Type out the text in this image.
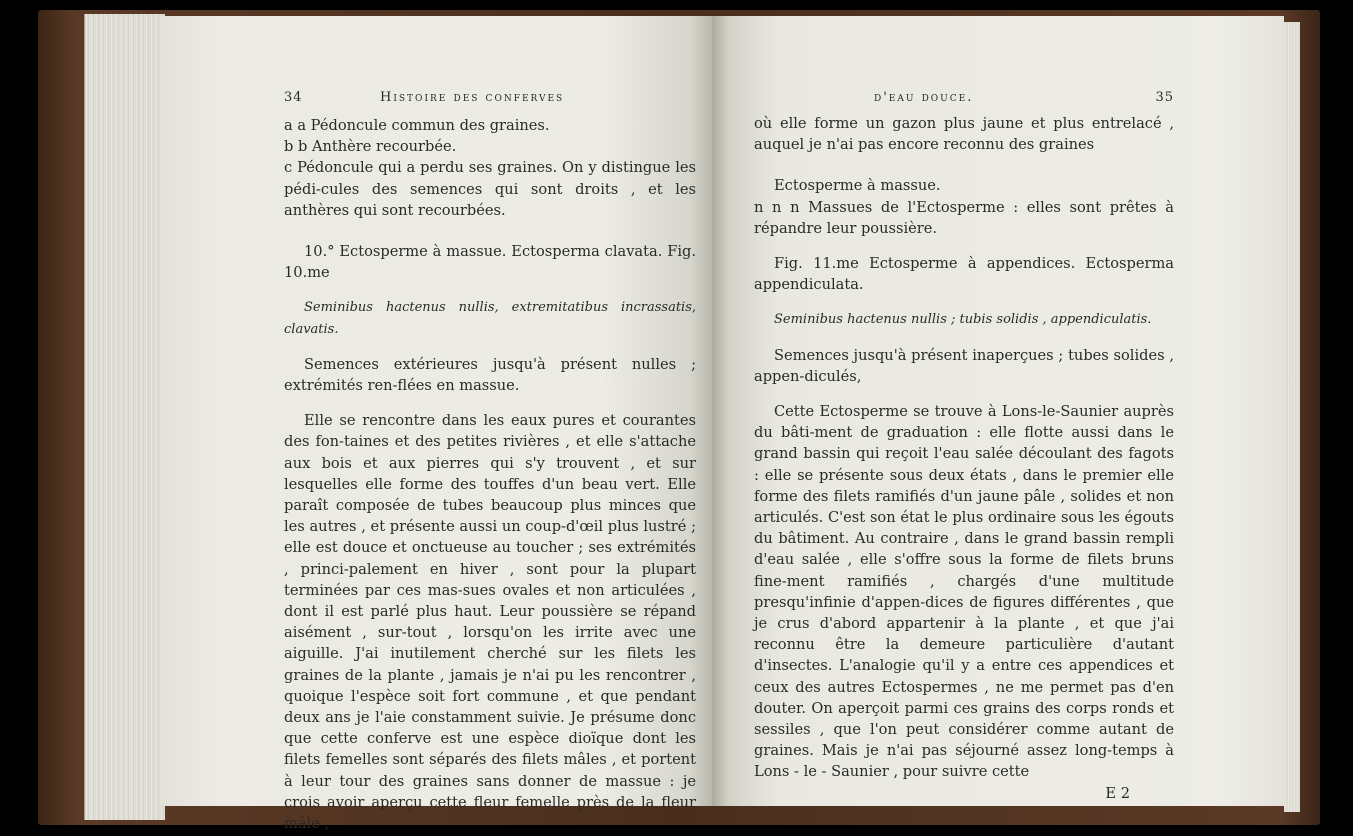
34	Histoire des conferves

a a Pédoncule commun des graines.

b b Anthère recourbée.

c Pédoncule qui a perdu ses graines. On y distingue les pédi-cules des semences qui sont droits , et les anthères qui sont recourbées.

10.° Ectosperme à massue. Ectosperma clavata. Fig. 10.me

Seminibus hactenus nullis, extremitatibus incrassatis, clavatis.

Semences extérieures jusqu'à présent nulles ; extrémités ren-flées en massue.

Elle se rencontre dans les eaux pures et courantes des fon-taines et des petites rivières , et elle s'attache aux bois et aux pierres qui s'y trouvent , et sur lesquelles elle forme des touffes d'un beau vert. Elle paraît composée de tubes beaucoup plus minces que les autres , et présente aussi un coup-d'œil plus lustré ; elle est douce et onctueuse au toucher ; ses extrémités , princi-palement en hiver , sont pour la plupart terminées par ces mas-sues ovales et non articulées , dont il est parlé plus haut. Leur poussière se répand aisément , sur-tout , lorsqu'on les irrite avec une aiguille. J'ai inutilement cherché sur les filets les graines de la plante , jamais je n'ai pu les rencontrer , quoique l'espèce soit fort commune , et que pendant deux ans je l'aie constamment suivie. Je présume donc que cette conferve est une espèce dioïque dont les filets femelles sont séparés des filets mâles , et portent à leur tour des graines sans donner de massue : je crois avoir aperçu cette fleur femelle près de la fleur mâle ,

d'eau douce.	35

où elle forme un gazon plus jaune et plus entrelacé , auquel je n'ai pas encore reconnu des graines

Ectosperme à massue.

n n n Massues de l'Ectosperme : elles sont prêtes à répandre leur poussière.

Fig. 11.me Ectosperme à appendices. Ectosperma appendiculata.

Seminibus hactenus nullis ; tubis solidis , appendiculatis.

Semences jusqu'à présent inaperçues ; tubes solides , appen-diculés,

Cette Ectosperme se trouve à Lons-le-Saunier auprès du bâti-ment de graduation : elle flotte aussi dans le grand bassin qui reçoit l'eau salée découlant des fagots : elle se présente sous deux états , dans le premier elle forme des filets ramifiés d'un jaune pâle , solides et non articulés. C'est son état le plus ordinaire sous les égouts du bâtiment. Au contraire , dans le grand bassin rempli d'eau salée , elle s'offre sous la forme de filets bruns fine-ment ramifiés , chargés d'une multitude presqu'infinie d'appen-dices de figures différentes , que je crus d'abord appartenir à la plante , et que j'ai reconnu être la demeure particulière d'autant d'insectes. L'analogie qu'il y a entre ces appendices et ceux des autres Ectospermes , ne me permet pas d'en douter. On aperçoit parmi ces grains des corps ronds et sessiles , que l'on peut considérer comme autant de graines. Mais je n'ai pas séjourné assez long-temps à Lons - le - Saunier , pour suivre cette

E 2
